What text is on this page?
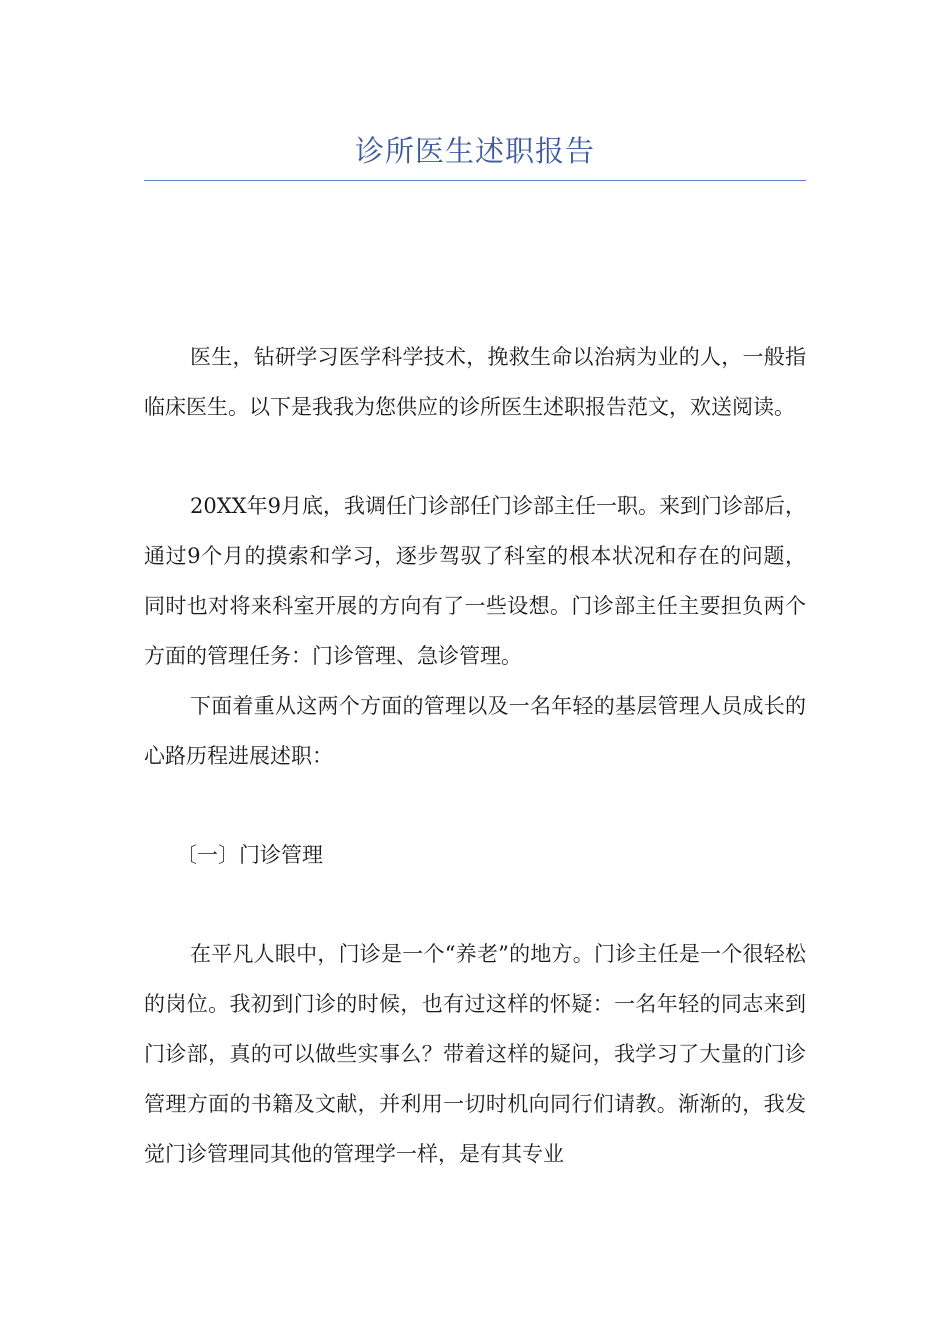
诊所医生述职报告

医生，钻研学习医学科学技术，挽救生命以治病为业的人，一般指临床医生。以下是我我为您供应的诊所医生述职报告范文，欢送阅读。

20XX年9月底，我调任门诊部任门诊部主任一职。来到门诊部后，通过9个月的摸索和学习，逐步驾驭了科室的根本状况和存在的问题，同时也对将来科室开展的方向有了一些设想。门诊部主任主要担负两个方面的管理任务：门诊管理、急诊管理。

下面着重从这两个方面的管理以及一名年轻的基层管理人员成长的心路历程进展述职：

〔一〕门诊管理

在平凡人眼中，门诊是一个“养老”的地方。门诊主任是一个很轻松的岗位。我初到门诊的时候，也有过这样的怀疑：一名年轻的同志来到门诊部，真的可以做些实事么？带着这样的疑问，我学习了大量的门诊管理方面的书籍及文献，并利用一切时机向同行们请教。渐渐的，我发觉门诊管理同其他的管理学一样，是有其专业
